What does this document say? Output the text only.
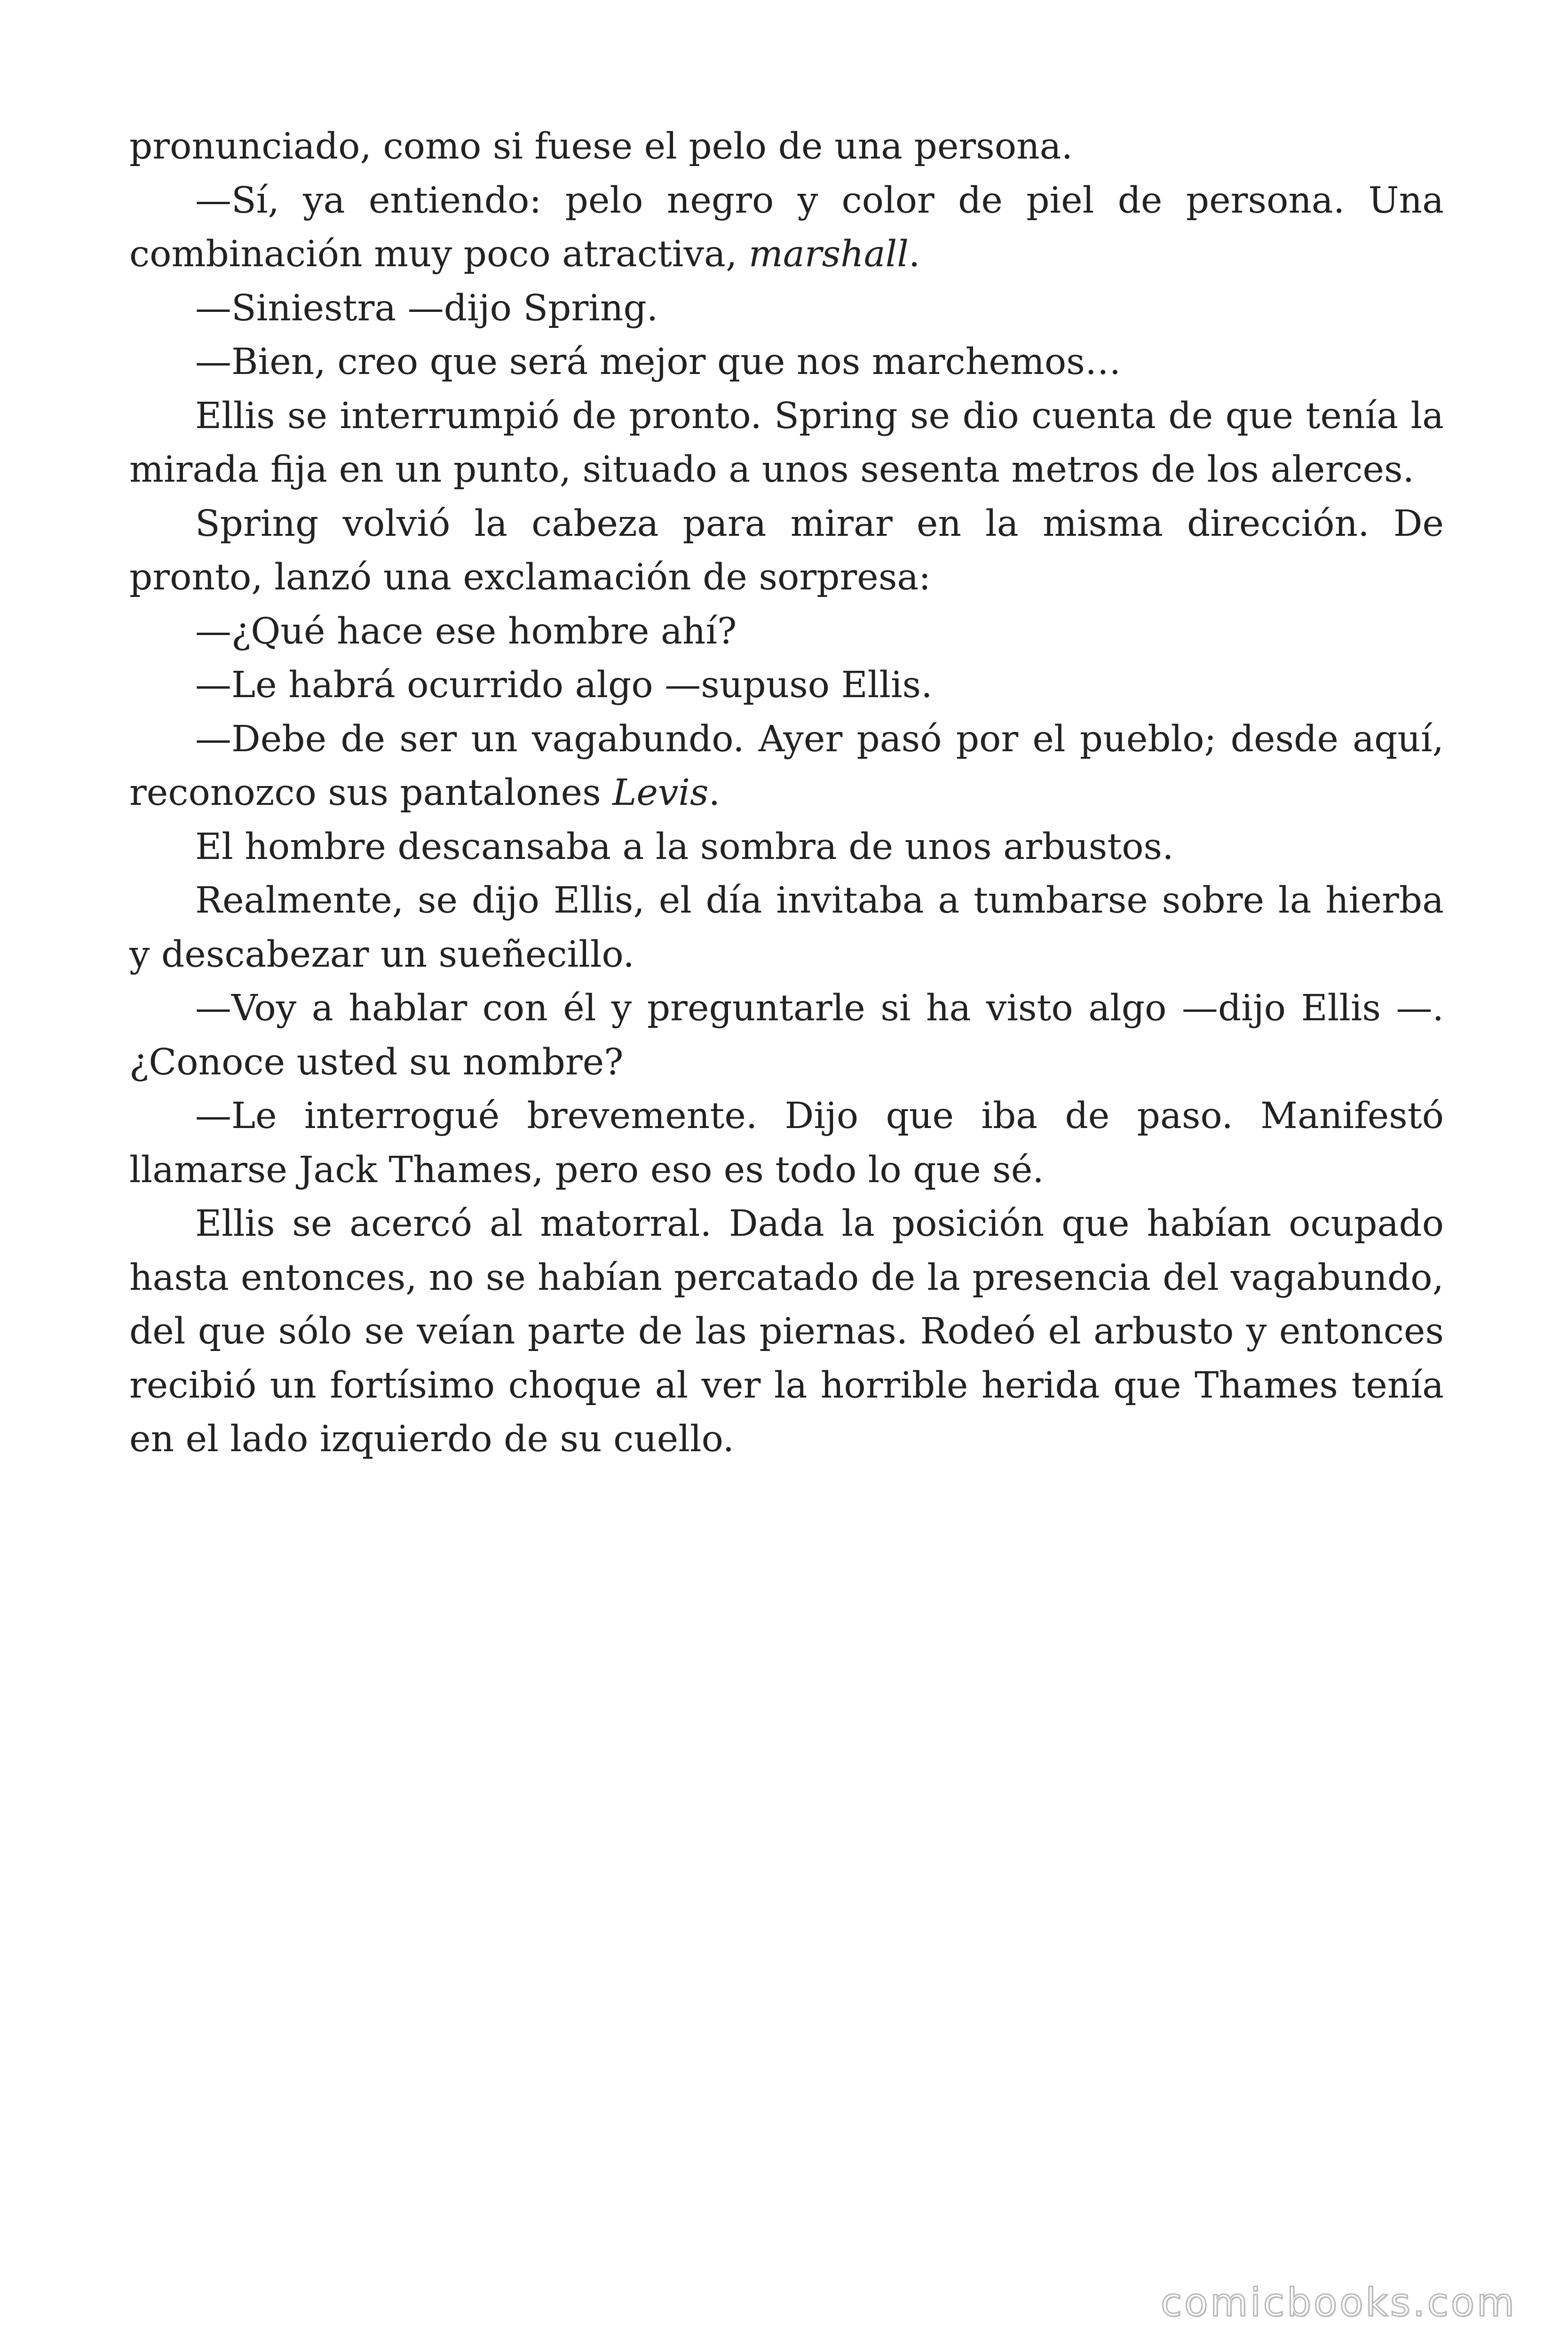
pronunciado, como si fuese el pelo de una persona.

—Sí, ya entiendo: pelo negro y color de piel de persona. Una combinación muy poco atractiva, marshall.

—Siniestra —dijo Spring.

—Bien, creo que será mejor que nos marchemos…

Ellis se interrumpió de pronto. Spring se dio cuenta de que tenía la mirada fija en un punto, situado a unos sesenta metros de los alerces.

Spring volvió la cabeza para mirar en la misma dirección. De pronto, lanzó una exclamación de sorpresa:

—¿Qué hace ese hombre ahí?

—Le habrá ocurrido algo —supuso Ellis.

—Debe de ser un vagabundo. Ayer pasó por el pueblo; desde aquí, reconozco sus pantalones Levis.

El hombre descansaba a la sombra de unos arbustos.

Realmente, se dijo Ellis, el día invitaba a tumbarse sobre la hierba y descabezar un sueñecillo.

—Voy a hablar con él y preguntarle si ha visto algo —dijo Ellis —. ¿Conoce usted su nombre?

—Le interrogué brevemente. Dijo que iba de paso. Manifestó llamarse Jack Thames, pero eso es todo lo que sé.

Ellis se acercó al matorral. Dada la posición que habían ocupado hasta entonces, no se habían percatado de la presencia del vagabundo, del que sólo se veían parte de las piernas. Rodeó el arbusto y entonces recibió un fortísimo choque al ver la horrible herida que Thames tenía en el lado izquierdo de su cuello.

comicbooks.com
